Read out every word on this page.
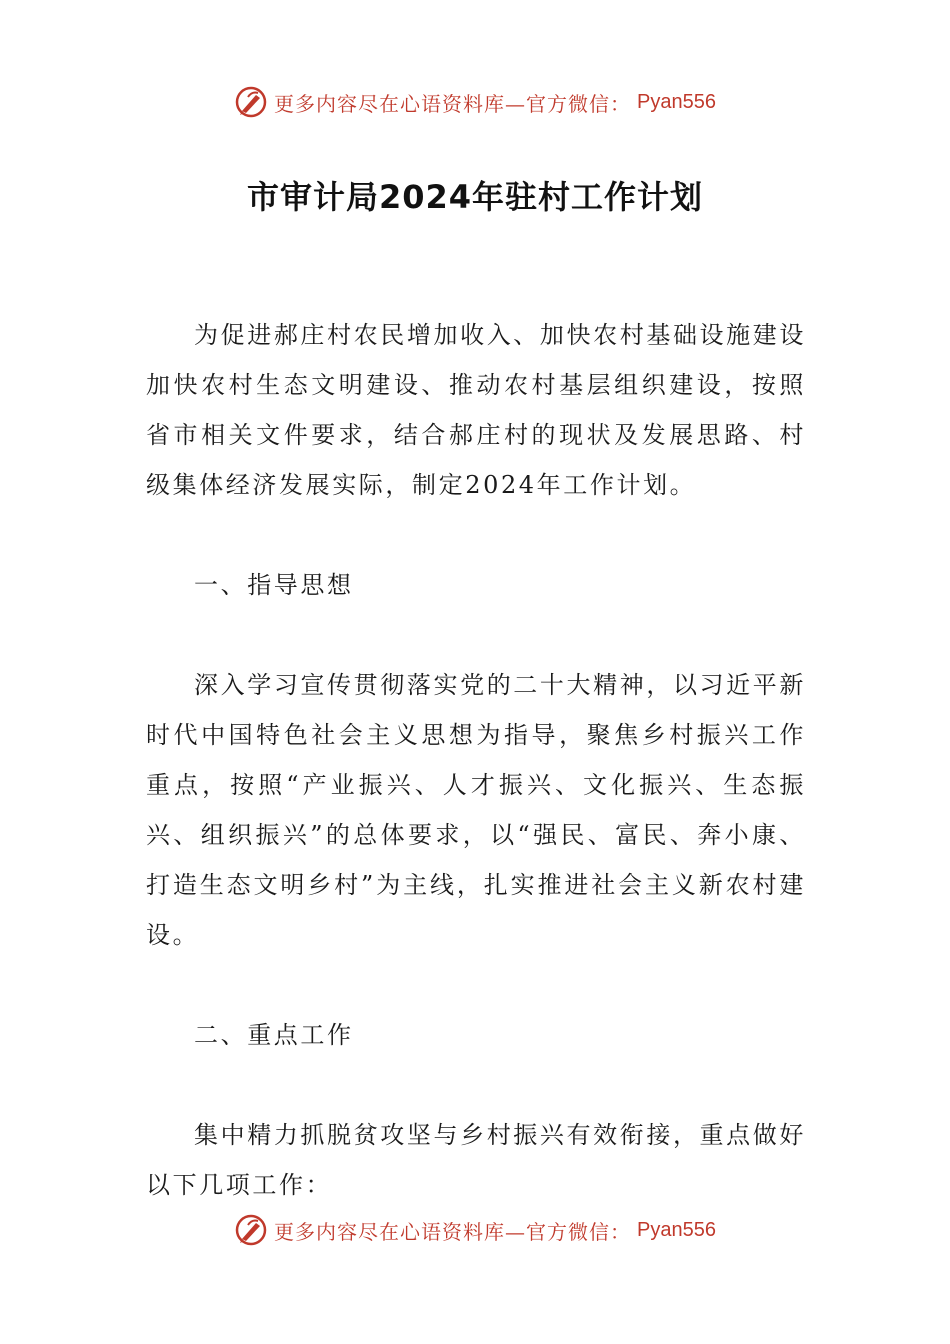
更多内容尽在心语资料库—官方微信： Pyan556
市审计局2024年驻村工作计划

为促进郝庄村农民增加收入、加快农村基础设施建设加快农村生态文明建设、推动农村基层组织建设，按照省市相关文件要求，结合郝庄村的现状及发展思路、村级集体经济发展实际，制定2024年工作计划。

一、指导思想

深入学习宣传贯彻落实党的二十大精神，以习近平新时代中国特色社会主义思想为指导，聚焦乡村振兴工作重点，按照“产业振兴、人才振兴、文化振兴、生态振兴、组织振兴”的总体要求，以“强民、富民、奔小康、打造生态文明乡村”为主线，扎实推进社会主义新农村建设。

二、重点工作

集中精力抓脱贫攻坚与乡村振兴有效衔接，重点做好以下几项工作：

更多内容尽在心语资料库—官方微信： Pyan556
